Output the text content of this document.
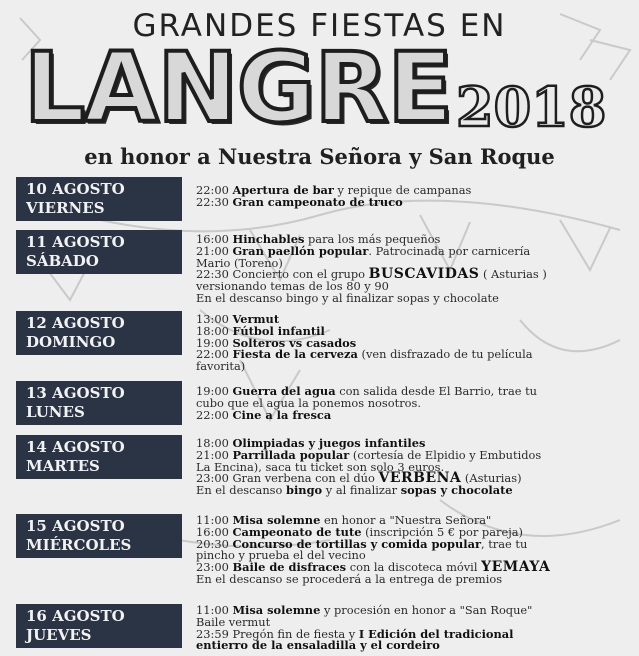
GRANDES FIESTAS EN
LANGRE 2018
en honor a Nuestra Señora y San Roque
10 AGOSTO
VIERNES

22:00 Apertura de bar y repique de campanas

22:30 Gran campeonato de truco

11 AGOSTO
SÁBADO

16:00 Hinchables para los más pequeños

21:00 Gran paellón popular. Patrocinada por carnicería

Mario (Toreno)

22:30 Concierto con el grupo BUSCAVIDAS ( Asturias )

versionando temas de los 80 y 90

En el descanso bingo y al finalizar sopas y chocolate

12 AGOSTO
DOMINGO

13:00 Vermut

18:00 Fútbol infantil

19:00 Solteros vs casados

22:00 Fiesta de la cerveza (ven disfrazado de tu película

favorita)

13 AGOSTO
LUNES

19:00 Guerra del agua con salida desde El Barrio, trae tu

cubo que el agua la ponemos nosotros.

22:00 Cine a la fresca

14 AGOSTO
MARTES

18:00 Olimpiadas y juegos infantiles

21:00 Parrillada popular (cortesía de Elpidio y Embutidos

La Encina), saca tu ticket son solo 3 euros.

23:00 Gran verbena con el dúo VERBENA (Asturias)

En el descanso bingo y al finalizar sopas y chocolate

15 AGOSTO
MIÉRCOLES

11:00 Misa solemne en honor a "Nuestra Señora"

16:00 Campeonato de tute (inscripción 5 € por pareja)

20:30 Concurso de tortillas y comida popular, trae tu

pincho y prueba el del vecino

23:00 Baile de disfraces con la discoteca móvil YEMAYA

En el descanso se procederá a la entrega de premios

16 AGOSTO
JUEVES

11:00 Misa solemne y procesión en honor a "San Roque"

Baile vermut

23:59 Pregón fin de fiesta y I Edición del tradicional

entierro de la ensaladilla y el cordeiro
